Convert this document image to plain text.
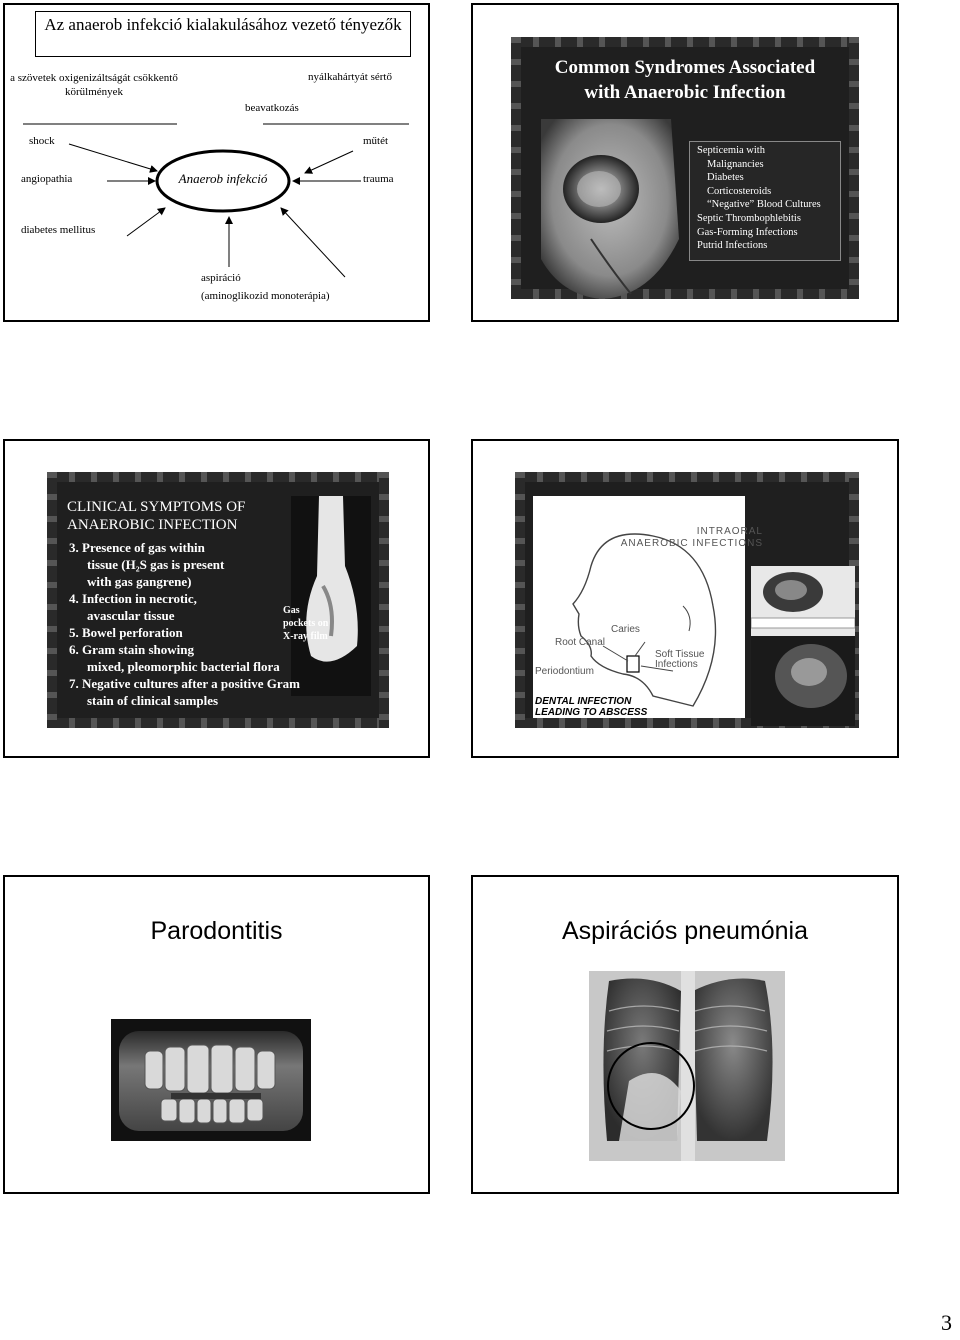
Az anaerob infekció kialakulásához vezető tényezők
a szövetek oxigenizáltságát csökkentő körülmények
nyálkahártyát sértő
beavatkozás
Anaerob infekció
shock	műtét
angiopathia	trauma
diabetes mellitus
aspiráció
(aminoglikozid monoterápia)
Common Syndromes Associated
with Anaerobic Infection
Septicemia with
Malignancies
Diabetes
Corticosteroids
“Negative” Blood Cultures
Septic Thrombophlebitis
Gas-Forming Infections
Putrid Infections
CLINICAL SYMPTOMS OF
ANAEROBIC INFECTION
3. Presence of gas within
tissue (H₂S gas is present
with gas gangrene)
4. Infection in necrotic,
avascular tissue
5. Bowel perforation
6. Gram stain showing
mixed, pleomorphic bacterial flora
7. Negative cultures after a positive Gram
stain of clinical samples
Gas
pockets on
X-ray film
INTRAORAL
ANAEROBIC INFECTIONS
Caries
Root Canal
Periodontium
Soft Tissue Infections
DENTAL INFECTION
LEADING TO ABSCESS
Parodontitis	Aspirációs pneumónia
3
